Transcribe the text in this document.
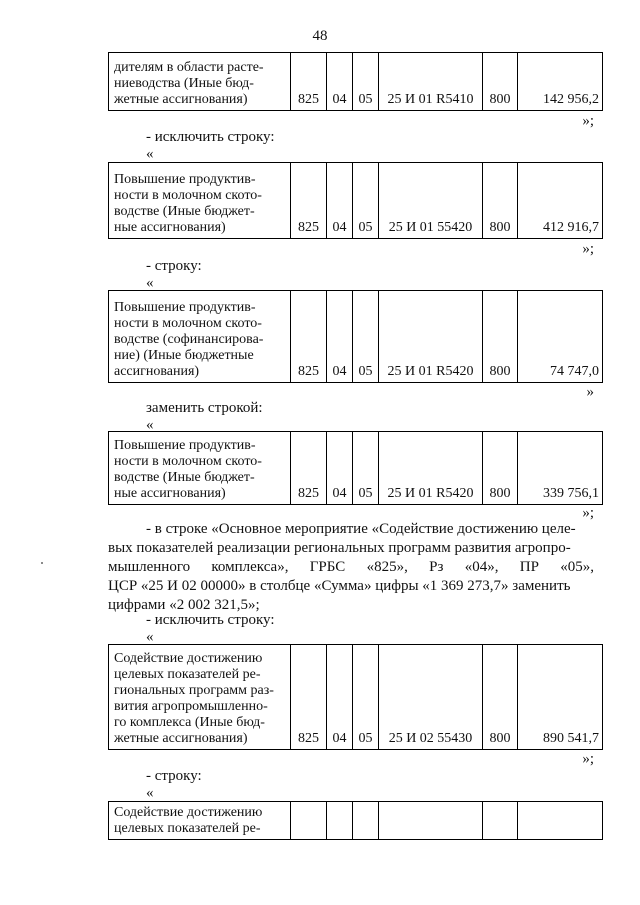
48
дителям в области расте-
ниеводства (Иные бюд-
жетные ассигнования)	825	04	05	25 И 01 R5410	800	142 956,2
»;
- исключить строку:
«
Повышение продуктив-
ности в молочном ското-
водстве (Иные бюджет-
ные ассигнования)	825	04	05	25 И 01 55420	800	412 916,7
»;
- строку:
«
Повышение продуктив-
ности в молочном ското-
водстве (софинансирова-
ние) (Иные бюджетные
ассигнования)	825	04	05	25 И 01 R5420	800	74 747,0
»
заменить строкой:
«
Повышение продуктив-
ности в молочном ското-
водстве (Иные бюджет-
ные ассигнования)	825	04	05	25 И 01 R5420	800	339 756,1
»;
- в строке «Основное мероприятие «Содействие достижению целе-
вых показателей реализации региональных программ развития агропро-
мышленного комплекса», ГРБС «825», Рз «04», ПР «05»,
ЦСР «25 И 02 00000» в столбце «Сумма» цифры «1 369 273,7» заменить
цифрами «2 002 321,5»;
- исключить строку:
«
Содействие достижению
целевых показателей ре-
гиональных программ раз-
вития агропромышленно-
го комплекса (Иные бюд-
жетные ассигнования)	825	04	05	25 И 02 55430	800	890 541,7
»;
- строку:
«
Содействие достижению
целевых показателей ре-
